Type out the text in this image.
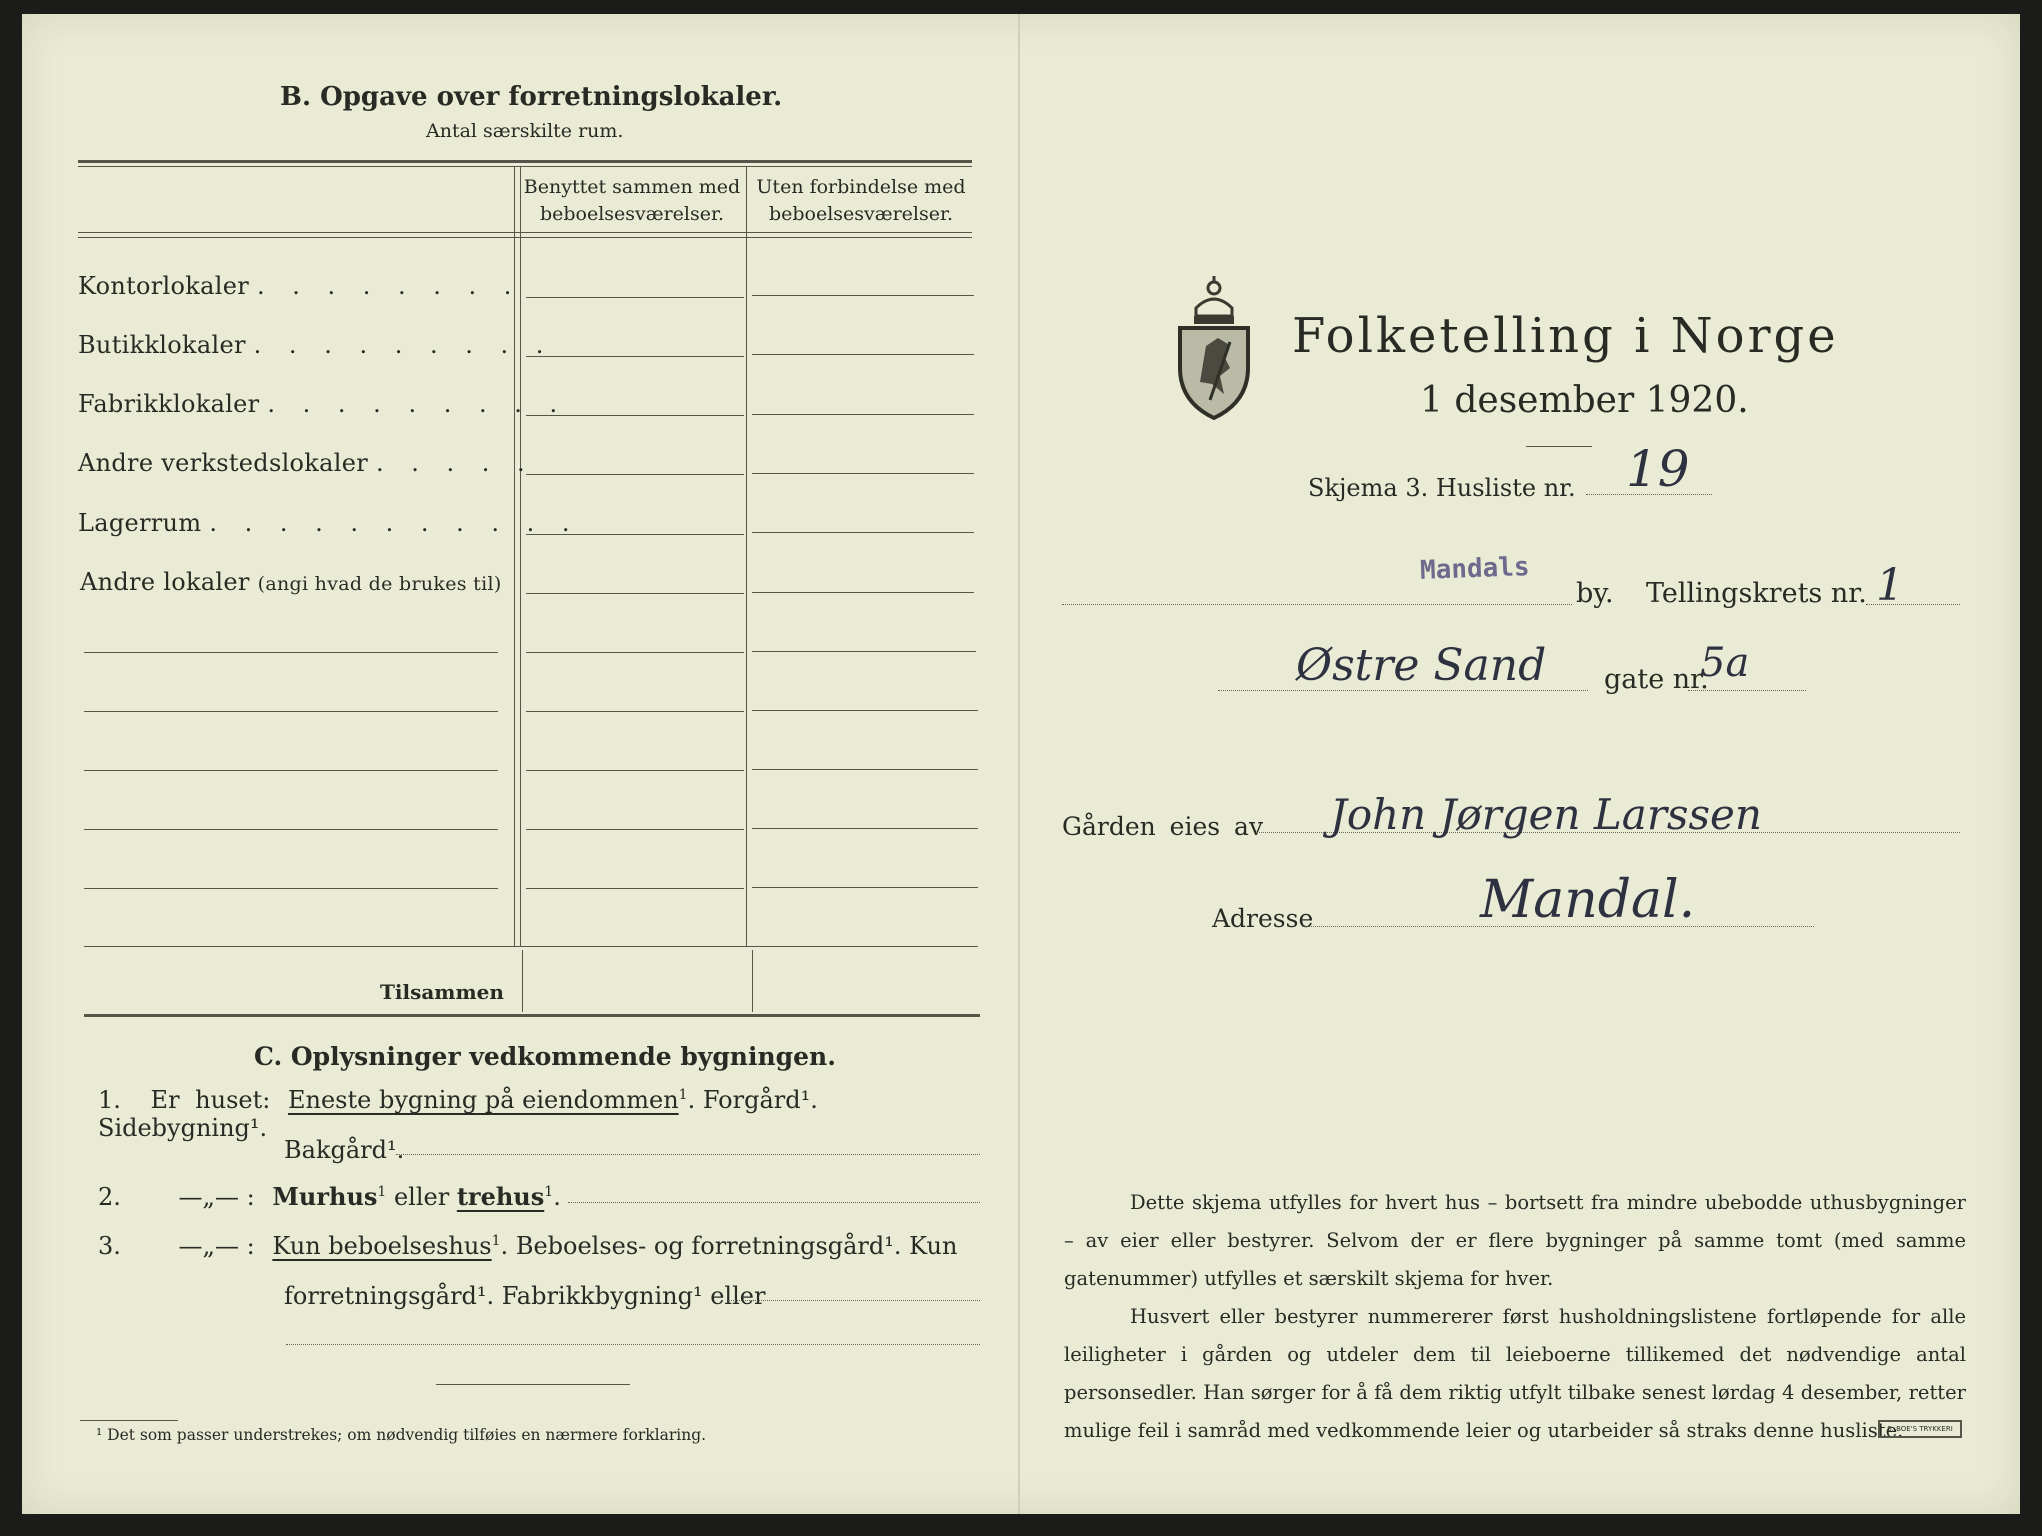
B. Opgave over forretningslokaler.
Antal særskilte rum.
Benyttet sammen med
beboelsesværelser.
Uten forbindelse med
beboelsesværelser.
Kontorlokaler . . . . . . . .
Butikklokaler . . . . . . . . .
Fabrikklokaler . . . . . . . . .
Andre verkstedslokaler . . . . .
Lagerrum . . . . . . . . . . .
Andre lokaler (angi hvad de brukes til)
Tilsammen
C. Oplysninger vedkommende bygningen.
1. Er huset: Eneste bygning på eiendommen$^1$. Forgård¹. Sidebygning¹.
Bakgård¹.
2. —„— : Murhus$^1$ eller trehus$^1$.
3. —„— : Kun beboelseshus$^1$. Beboelses- og forretningsgård¹. Kun
forretningsgård¹. Fabrikkbygning¹ eller
¹ Det som passer understrekes; om nødvendig tilføies en nærmere forklaring.
Folketelling i Norge
1 desember 1920.
Skjema 3. Husliste nr. 19
Mandals
by. Tellingskrets nr. 1
Østre Sand gate nr.
5a
Gården eies av John Jørgen Larssen
Adresse	Mandal.
Dette skjema utfylles for hvert hus – bortsett fra mindre ubebodde uthusbygninger – av eier eller bestyrer. Selvom der er flere bygninger på samme tomt (med samme gatenummer) utfylles et særskilt skjema for hver.
Husvert eller bestyrer nummererer først husholdningslistene fortløpende for alle leiligheter i gården og utdeler dem til leieboerne tillikemed det nødvendige antal personsedler. Han sørger for å få dem riktig utfylt tilbake senest lørdag 4 desember, retter mulige feil i samråd med vedkommende leier og utarbeider så straks denne husliste.
S. BOE'S TRYKKERI
